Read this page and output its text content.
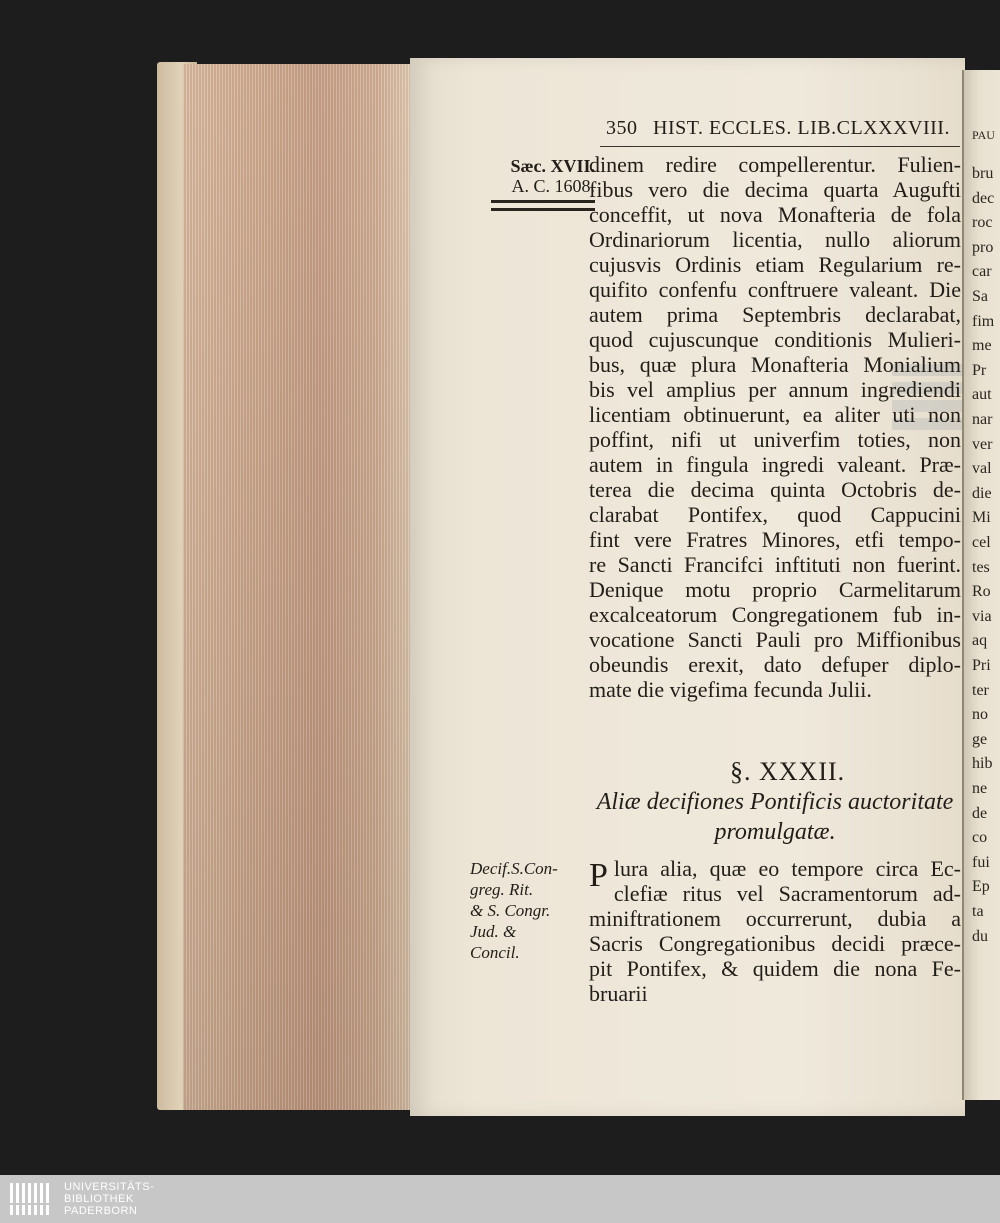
PAU
bru
dec
roc
pro
car
Sa
fim
me
Pr
aut
nar
ver
val
die
Mi
cel
tes
Ro
via
aq
Pri
ter
no
ge
hib
ne
de
co
fui
Ep
ta
du
350 HIST. ECCLES. LIB.CLXXXVIII.
Sæc. XVII.
A. C. 1608.
dinem redire compellerentur. Fulien-
fibus vero die decima quarta Augufti
conceffit, ut nova Monafteria de fola
Ordinariorum licentia, nullo aliorum
cujusvis Ordinis etiam Regularium re-
quifito confenfu conftruere valeant. Die
autem prima Septembris declarabat,
quod cujuscunque conditionis Mulieri-
bus, quæ plura Monafteria Monialium
bis vel amplius per annum ingrediendi
licentiam obtinuerunt, ea aliter uti non
poffint, nifi ut univerfim toties, non
autem in fingula ingredi valeant. Præ-
terea die decima quinta Octobris de-
clarabat Pontifex, quod Cappucini
fint vere Fratres Minores, etfi tempo-
re Sancti Francifci inftituti non fuerint.
Denique motu proprio Carmelitarum
excalceatorum Congregationem fub in-
vocatione Sancti Pauli pro Miffionibus
obeundis erexit, dato defuper diplo-
mate die vigefima fecunda Julii.
§. XXXII.
Aliæ decifiones Pontificis auctoritate
promulgatæ.
Decif.S.Con-
greg. Rit.
& S. Congr.
Jud. &
Concil.
P lura alia, quæ eo tempore circa Ec-
clefiæ ritus vel Sacramentorum ad-
miniftrationem occurrerunt, dubia a
Sacris Congregationibus decidi præce-
pit Pontifex, & quidem die nona Fe-
bruarii
UNIVERSITÄTS-
BIBLIOTHEK
PADERBORN
